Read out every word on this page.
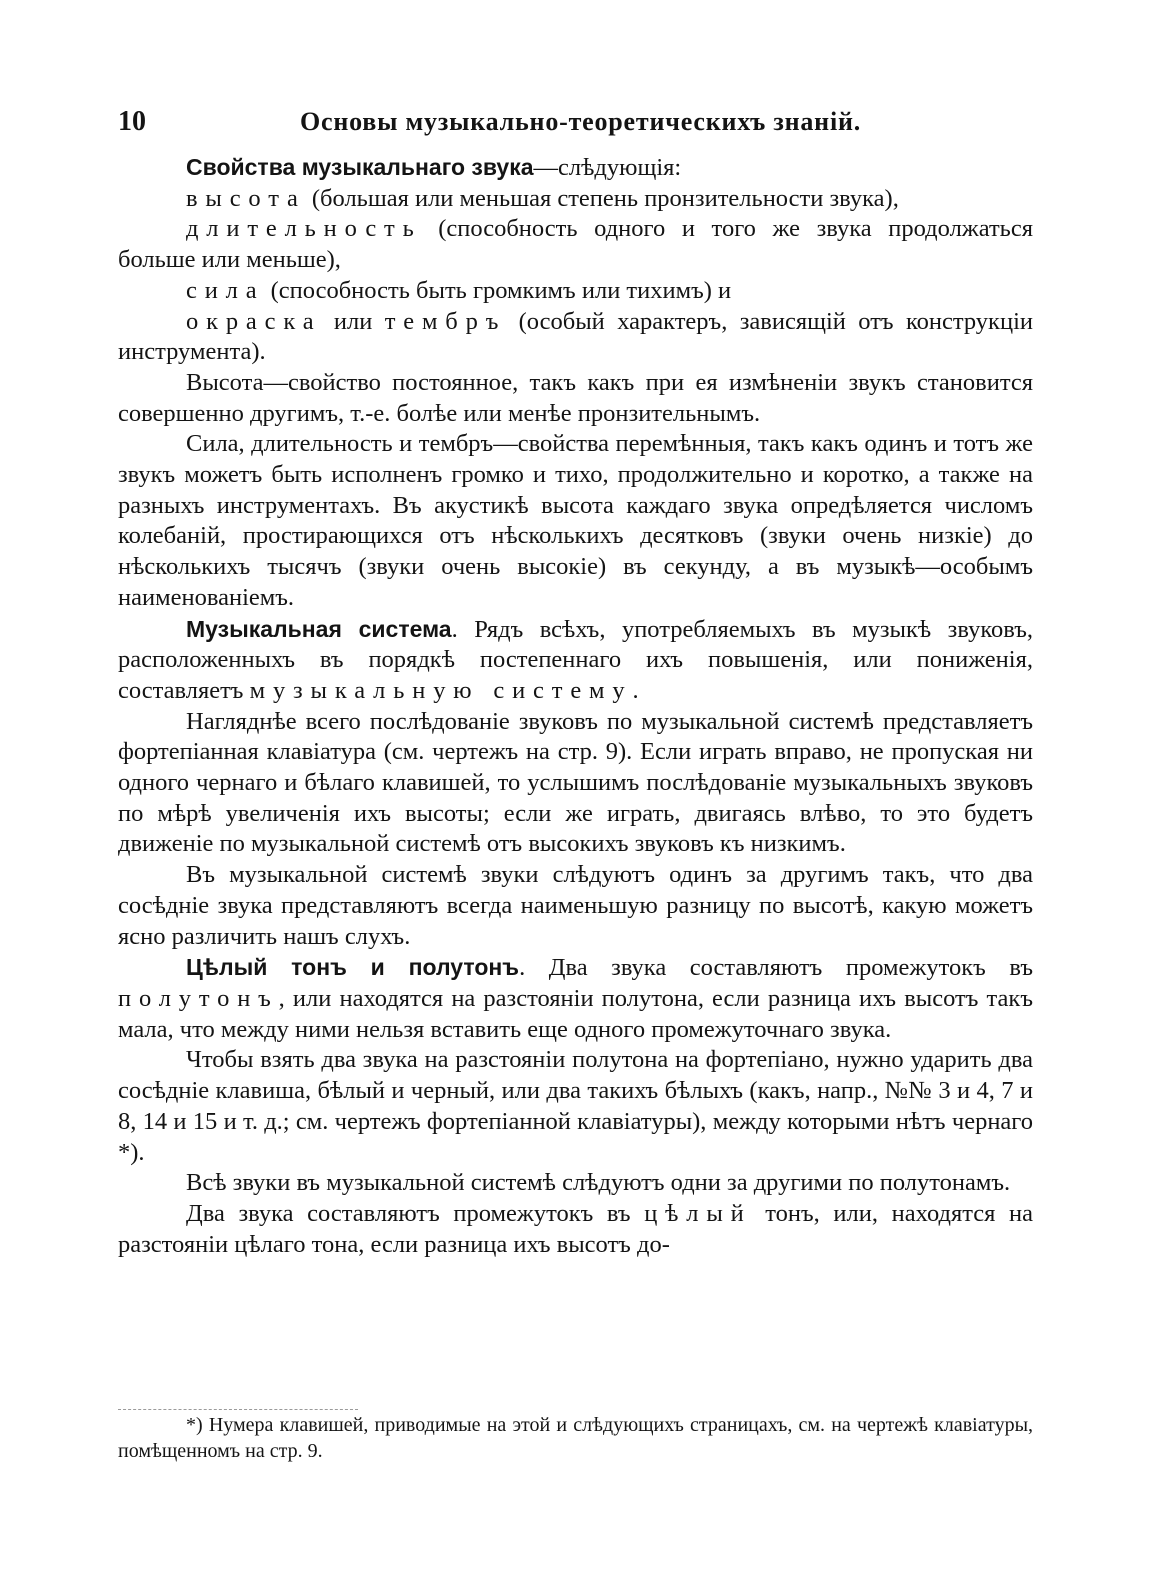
10	Основы музыкально-теоретическихъ знаній.

Свойства музыкальнаго звука—слѣдующія:

высота (большая или меньшая степень пронзительности звука),

длительность (способность одного и того же звука продолжаться больше или меньше),

сила (способность быть громкимъ или тихимъ) и

окраска или тембръ (особый характеръ, зависящій отъ конструкціи инструмента).

Высота—свойство постоянное, такъ какъ при ея измѣненіи звукъ становится совершенно другимъ, т.-е. болѣе или менѣе пронзительнымъ.

Сила, длительность и тембръ—свойства перемѣнныя, такъ какъ одинъ и тотъ же звукъ можетъ быть исполненъ громко и тихо, продолжительно и коротко, а также на разныхъ инструментахъ. Въ акустикѣ высота каждаго звука опредѣляется числомъ колебаній, простирающихся отъ нѣсколькихъ десятковъ (звуки очень низкіе) до нѣсколькихъ тысячъ (звуки очень высокіе) въ секунду, а въ музыкѣ—особымъ наименованіемъ.

Музыкальная система. Рядъ всѣхъ, употребляемыхъ въ музыкѣ звуковъ, расположенныхъ въ порядкѣ постепеннаго ихъ повышенія, или пониженія, составляетъ музыкальную систему.

Нагляднѣе всего послѣдованіе звуковъ по музыкальной системѣ представляетъ фортепіанная клавіатура (см. чертежъ на стр. 9). Если играть вправо, не пропуская ни одного чернаго и бѣлаго клавишей, то услышимъ послѣдованіе музыкальныхъ звуковъ по мѣрѣ увеличенія ихъ высоты; если же играть, двигаясь влѣво, то это будетъ движеніе по музыкальной системѣ отъ высокихъ звуковъ къ низкимъ.

Въ музыкальной системѣ звуки слѣдуютъ одинъ за другимъ такъ, что два сосѣдніе звука представляютъ всегда наименьшую разницу по высотѣ, какую можетъ ясно различить нашъ слухъ.

Цѣлый тонъ и полутонъ. Два звука составляютъ промежутокъ въ полутонъ, или находятся на разстояніи полутона, если разница ихъ высотъ такъ мала, что между ними нельзя вставить еще одного промежуточнаго звука.

Чтобы взять два звука на разстояніи полутона на фортепіано, нужно ударить два сосѣдніе клавиша, бѣлый и черный, или два такихъ бѣлыхъ (какъ, напр., №№ 3 и 4, 7 и 8, 14 и 15 и т. д.; см. чертежъ фортепіанной клавіатуры), между которыми нѣтъ чернаго *).

Всѣ звуки въ музыкальной системѣ слѣдуютъ одни за другими по полутонамъ.

Два звука составляютъ промежутокъ въ цѣлый тонъ, или, находятся на разстояніи цѣлаго тона, если разница ихъ высотъ до-

*) Нумера клавишей, приводимые на этой и слѣдующихъ страницахъ, см. на чертежѣ клавіатуры, помѣщенномъ на стр. 9.
